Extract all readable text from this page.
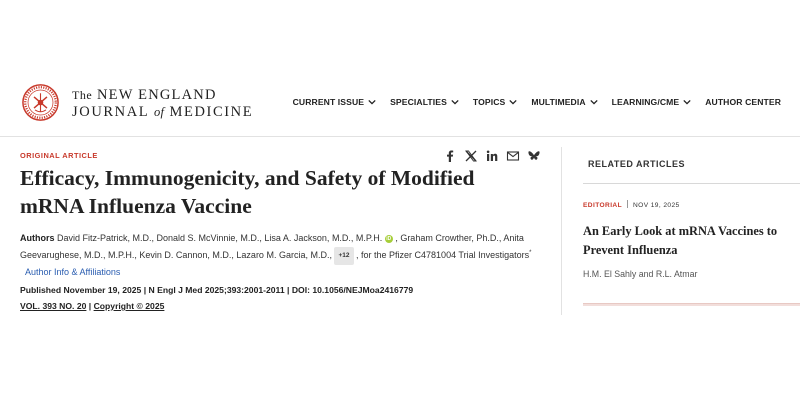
The NEW ENGLAND
JOURNAL of MEDICINE
CURRENT ISSUE	SPECIALTIES	TOPICS	MULTIMEDIA	LEARNING/CME	AUTHOR CENTER
ORIGINAL ARTICLE
Efficacy, Immunogenicity, and Safety of Modified mRNA Influenza Vaccine
Authors David Fitz-Patrick, M.D., Donald S. McVinnie, M.D., Lisa A. Jackson, M.D., M.P.H. iD , Graham Crowther, Ph.D., Anita Geevarughese, M.D., M.P.H., Kevin D. Cannon, M.D., Lazaro M. Garcia, M.D., +12 , for the Pfizer C4781004 Trial Investigators*   Author Info & Affiliations
Published November 19, 2025 | N Engl J Med 2025;393:2001-2011 | DOI: 10.1056/NEJMoa2416779
VOL. 393 NO. 20 | Copyright © 2025
RELATED ARTICLES
EDITORIAL NOV 19, 2025
An Early Look at mRNA Vaccines to Prevent Influenza
H.M. El Sahly and R.L. Atmar
